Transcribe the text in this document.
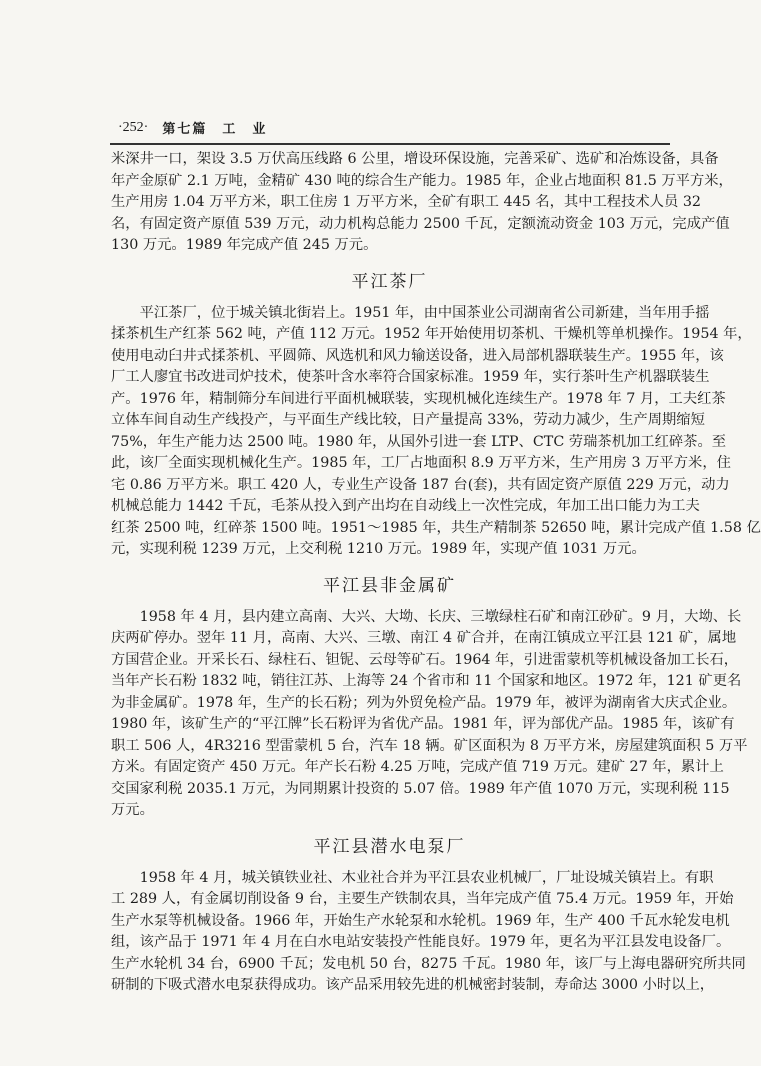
·252· 第七篇　工　业
米深井一口，架设 3.5 万伏高压线路 6 公里，增设环保设施，完善采矿、选矿和冶炼设备，具备
年产金原矿 2.1 万吨，金精矿 430 吨的综合生产能力。1985 年，企业占地面积 81.5 万平方米，
生产用房 1.04 万平方米，职工住房 1 万平方米，全矿有职工 445 名，其中工程技术人员 32
名，有固定资产原值 539 万元，动力机构总能力 2500 千瓦，定额流动资金 103 万元，完成产值
130 万元。1989 年完成产值 245 万元。
平江茶厂
　　平江茶厂，位于城关镇北街岩上。1951 年，由中国茶业公司湖南省公司新建，当年用手摇
揉茶机生产红茶 562 吨，产值 112 万元。1952 年开始使用切茶机、干燥机等单机操作。1954 年，
使用电动臼井式揉茶机、平圆筛、风选机和风力输送设备，进入局部机器联装生产。1955 年，该
厂工人廖宜书改进司炉技术，使茶叶含水率符合国家标准。1959 年，实行茶叶生产机器联装生
产。1976 年，精制筛分车间进行平面机械联装，实现机械化连续生产。1978 年 7 月，工夫红茶
立体车间自动生产线投产，与平面生产线比较，日产量提高 33%，劳动力减少，生产周期缩短
75%，年生产能力达 2500 吨。1980 年，从国外引进一套 LTP、CTC 劳瑞茶机加工红碎茶。至
此，该厂全面实现机械化生产。1985 年，工厂占地面积 8.9 万平方米，生产用房 3 万平方米，住
宅 0.86 万平方米。职工 420 人，专业生产设备 187 台(套)，共有固定资产原值 229 万元，动力
机械总能力 1442 千瓦，毛茶从投入到产出均在自动线上一次性完成，年加工出口能力为工夫
红茶 2500 吨，红碎茶 1500 吨。1951～1985 年，共生产精制茶 52650 吨，累计完成产值 1.58 亿
元，实现利税 1239 万元，上交利税 1210 万元。1989 年，实现产值 1031 万元。
平江县非金属矿
　　1958 年 4 月，县内建立高南、大兴、大坳、长庆、三墩绿柱石矿和南江砂矿。9 月，大坳、长
庆两矿停办。翌年 11 月，高南、大兴、三墩、南江 4 矿合并，在南江镇成立平江县 121 矿，属地
方国营企业。开采长石、绿柱石、钽铌、云母等矿石。1964 年，引进雷蒙机等机械设备加工长石，
当年产长石粉 1832 吨，销往江苏、上海等 24 个省市和 11 个国家和地区。1972 年，121 矿更名
为非金属矿。1978 年，生产的长石粉；列为外贸免检产品。1979 年，被评为湖南省大庆式企业。
1980 年，该矿生产的“平江牌”长石粉评为省优产品。1981 年，评为部优产品。1985 年，该矿有
职工 506 人，4R3216 型雷蒙机 5 台，汽车 18 辆。矿区面积为 8 万平方米，房屋建筑面积 5 万平
方米。有固定资产 450 万元。年产长石粉 4.25 万吨，完成产值 719 万元。建矿 27 年，累计上
交国家利税 2035.1 万元，为同期累计投资的 5.07 倍。1989 年产值 1070 万元，实现利税 115
万元。
平江县潜水电泵厂
　　1958 年 4 月，城关镇铁业社、木业社合并为平江县农业机械厂，厂址设城关镇岩上。有职
工 289 人，有金属切削设备 9 台，主要生产铁制农具，当年完成产值 75.4 万元。1959 年，开始
生产水泵等机械设备。1966 年，开始生产水轮泵和水轮机。1969 年，生产 400 千瓦水轮发电机
组，该产品于 1971 年 4 月在白水电站安装投产性能良好。1979 年，更名为平江县发电设备厂。
生产水轮机 34 台，6900 千瓦；发电机 50 台，8275 千瓦。1980 年，该厂与上海电器研究所共同
研制的下吸式潜水电泵获得成功。该产品采用较先进的机械密封装制，寿命达 3000 小时以上，
